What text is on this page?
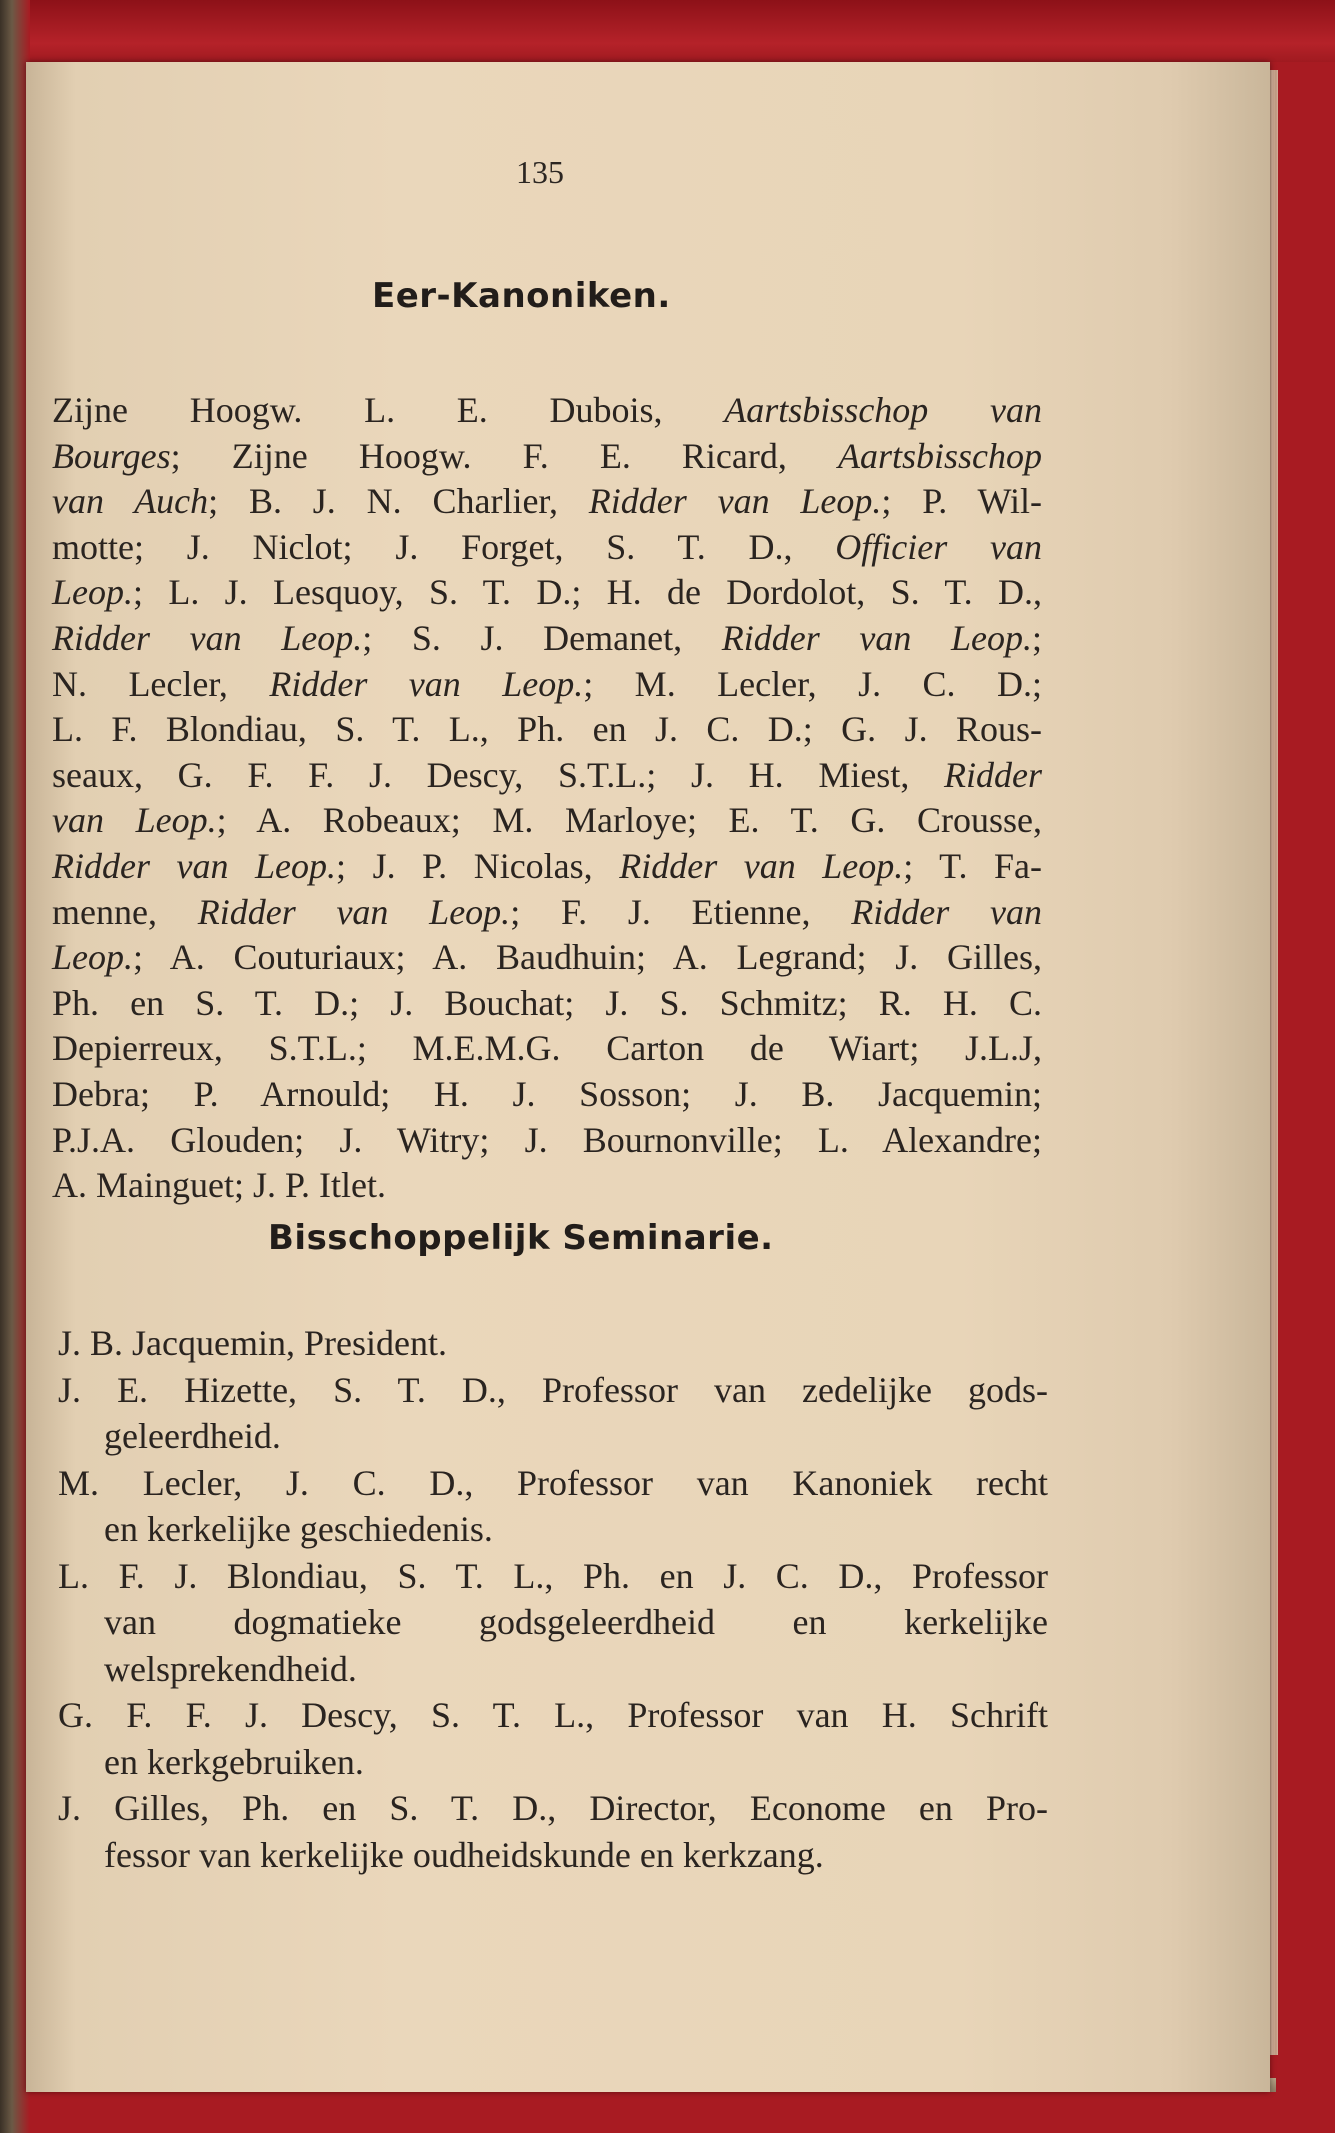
135
Eer-Kanoniken.
Zijne Hoogw. L. E. Dubois, Aartsbisschop van
Bourges; Zijne Hoogw. F. E. Ricard, Aartsbisschop
van Auch; B. J. N. Charlier, Ridder van Leop.; P. Wil-
motte; J. Niclot; J. Forget, S. T. D., Officier van
Leop.; L. J. Lesquoy, S. T. D.; H. de Dordolot, S. T. D.,
Ridder van Leop.; S. J. Demanet, Ridder van Leop.;
N. Lecler, Ridder van Leop.; M. Lecler, J. C. D.;
L. F. Blondiau, S. T. L., Ph. en J. C. D.; G. J. Rous-
seaux, G. F. F. J. Descy, S.T.L.; J. H. Miest, Ridder
van Leop.; A. Robeaux; M. Marloye; E. T. G. Crousse,
Ridder van Leop.; J. P. Nicolas, Ridder van Leop.; T. Fa-
menne, Ridder van Leop.; F. J. Etienne, Ridder van
Leop.; A. Couturiaux; A. Baudhuin; A. Legrand; J. Gilles,
Ph. en S. T. D.; J. Bouchat; J. S. Schmitz; R. H. C.
Depierreux, S.T.L.; M.E.M.G. Carton de Wiart; J.L.J,
Debra; P. Arnould; H. J. Sosson; J. B. Jacquemin;
P.J.A. Glouden; J. Witry; J. Bournonville; L. Alexandre;
A. Mainguet; J. P. Itlet.
Bisschoppelijk Seminarie.
J. B. Jacquemin, President.
J. E. Hizette, S. T. D., Professor van zedelijke gods-
geleerdheid.
M. Lecler, J. C. D., Professor van Kanoniek recht
en kerkelijke geschiedenis.
L. F. J. Blondiau, S. T. L., Ph. en J. C. D., Professor
van dogmatieke godsgeleerdheid en kerkelijke
welsprekendheid.
G. F. F. J. Descy, S. T. L., Professor van H. Schrift
en kerkgebruiken.
J. Gilles, Ph. en S. T. D., Director, Econome en Pro-
fessor van kerkelijke oudheidskunde en kerkzang.
